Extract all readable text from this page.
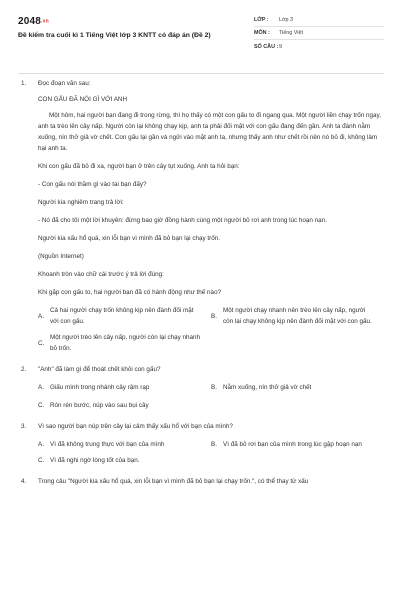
2048.vn
Đề kiểm tra cuối kì 1 Tiếng Việt lớp 3 KNTT có đáp án (Đề 2)
LỚP :	Lớp 3
MÔN :	Tiếng Việt
SỐ CÂU : 9
1. Đọc đoạn văn sau:
CON GẤU ĐÃ NÓI GÌ VỚI ANH
Một hôm, hai người bạn đang đi trong rừng, thì họ thấy có một con gấu to đi ngang qua. Một người liền chạy trốn ngay, anh ta trèo lên cây nấp. Người còn lại không chạy kịp, anh ta phải đối mặt với con gấu đang đến gần. Anh ta đành nằm xuống, nín thở giả vờ chết. Con gấu lại gần và ngửi vào mặt anh ta, nhưng thấy anh như chết rồi nên nó bỏ đi, không làm hại anh ta.
Khi con gấu đã bỏ đi xa, người bạn ở trên cây tụt xuống. Anh ta hỏi bạn:
- Con gấu nói thầm gì vào tai bạn đấy?
Người kia nghiêm trang trả lời:
- Nó đã cho tôi một lời khuyên: đừng bao giờ đồng hành cùng một người bỏ rơi anh trong lúc hoạn nạn.
Người kia xấu hổ quá, xin lỗi bạn vì mình đã bỏ bạn lại chạy trốn.
(Nguồn Internet)
Khoanh tròn vào chữ cái trước ý trả lời đúng:
Khi gặp con gấu to, hai người bạn đã có hành động như thế nào?
A.
Cả hai người chạy trốn không kịp nên đành đối mặt với con gấu.
B.
Một người chạy nhanh nên trèo lên cây nấp, người còn lại chạy không kịp nên đành đối mặt với con gấu.
C.
Một người trèo lên cây nấp, người còn lại chạy nhanh bỏ trốn.
2. "Anh" đã làm gì để thoát chết khỏi con gấu?
A. Giấu mình trong nhánh cây rậm rạp	B. Nằm xuống, nín thở giả vờ chết
C. Rón rén bước, núp vào sau bụi cây
3. Vì sao người bạn núp trên cây lại cảm thấy xấu hổ với bạn của mình?
A. Vì đã không trung thực với bạn của mình	B. Vì đã bỏ rơi bạn của mình trong lúc gặp hoạn nạn
C. Vì đã nghi ngờ lòng tốt của bạn.
4. Trong câu "Người kia xấu hổ quá, xin lỗi bạn vì mình đã bỏ bạn lại chạy trốn.", có thể thay từ xấu
